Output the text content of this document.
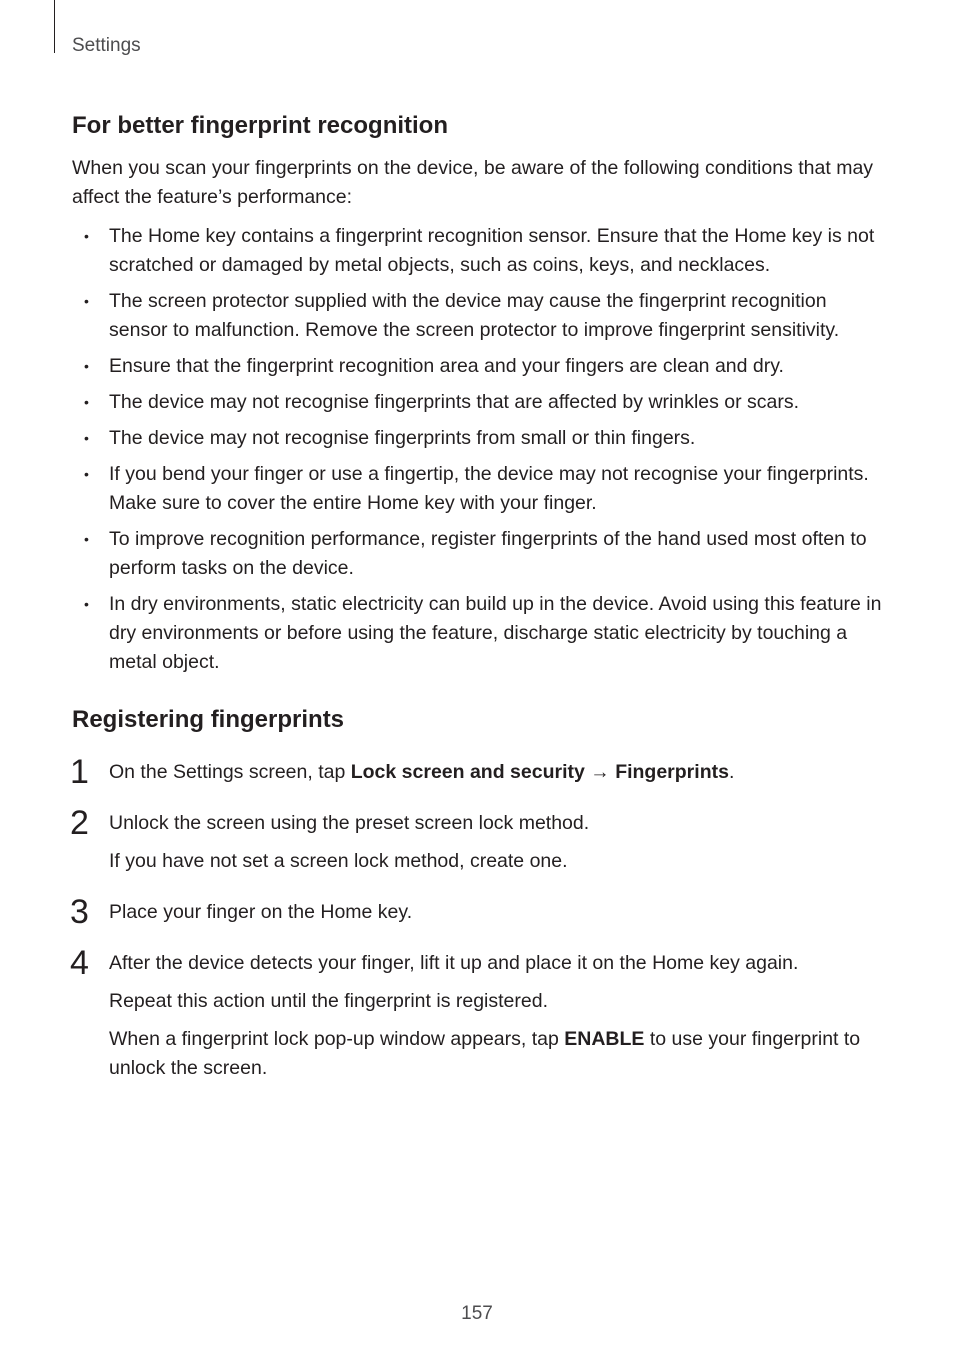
Settings
For better fingerprint recognition

When you scan your fingerprints on the device, be aware of the following conditions that may affect the feature’s performance:

• The Home key contains a fingerprint recognition sensor. Ensure that the Home key is not scratched or damaged by metal objects, such as coins, keys, and necklaces.
• The screen protector supplied with the device may cause the fingerprint recognition sensor to malfunction. Remove the screen protector to improve fingerprint sensitivity.
• Ensure that the fingerprint recognition area and your fingers are clean and dry.
• The device may not recognise fingerprints that are affected by wrinkles or scars.
• The device may not recognise fingerprints from small or thin fingers.
• If you bend your finger or use a fingertip, the device may not recognise your fingerprints. Make sure to cover the entire Home key with your finger.
• To improve recognition performance, register fingerprints of the hand used most often to perform tasks on the device.
• In dry environments, static electricity can build up in the device. Avoid using this feature in dry environments or before using the feature, discharge static electricity by touching a metal object.
Registering fingerprints
1 On the Settings screen, tap Lock screen and security → Fingerprints.

2 Unlock the screen using the preset screen lock method.

If you have not set a screen lock method, create one.

3 Place your finger on the Home key.

4 After the device detects your finger, lift it up and place it on the Home key again.

Repeat this action until the fingerprint is registered.

When a fingerprint lock pop-up window appears, tap ENABLE to use your fingerprint to unlock the screen.

157
